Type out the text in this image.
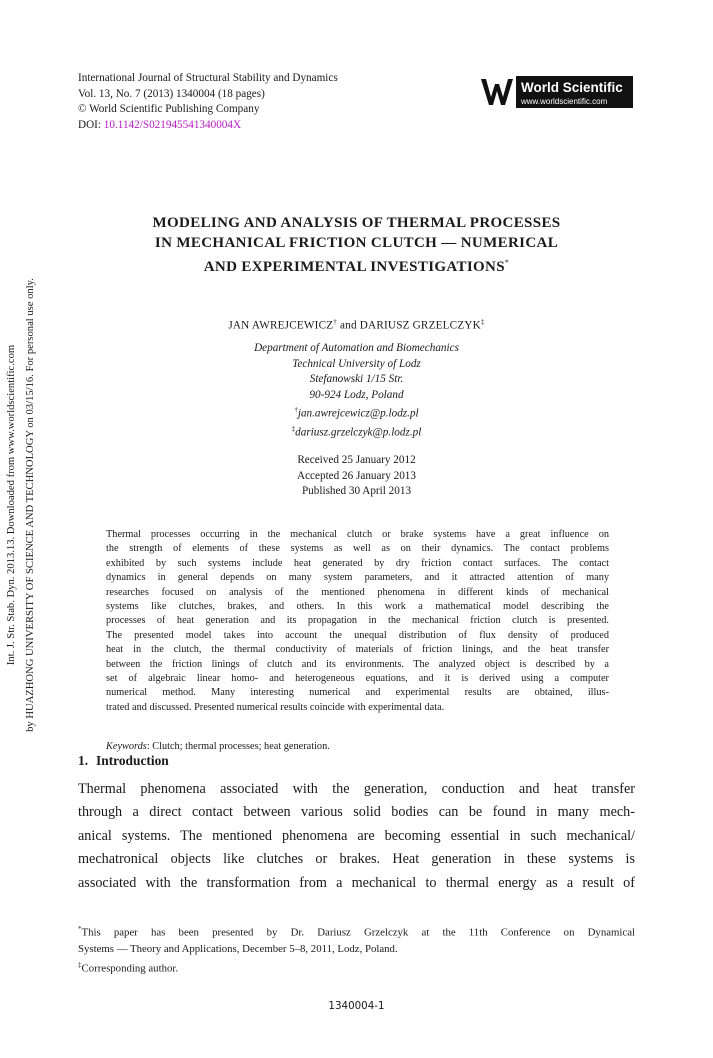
International Journal of Structural Stability and Dynamics
Vol. 13, No. 7 (2013) 1340004 (18 pages)
© World Scientific Publishing Company
DOI: 10.1142/S021945541340004X
World Scientific
www.worldscientific.com
Int. J. Str. Stab. Dyn. 2013.13. Downloaded from www.worldscientific.com by HUAZHONG UNIVERSITY OF SCIENCE AND TECHNOLOGY on 03/15/16. For personal use only.
MODELING AND ANALYSIS OF THERMAL PROCESSES
IN MECHANICAL FRICTION CLUTCH — NUMERICAL
AND EXPERIMENTAL INVESTIGATIONS*
JAN AWREJCEWICZ† and DARIUSZ GRZELCZYK‡
Department of Automation and Biomechanics
Technical University of Lodz
Stefanowski 1/15 Str.
90-924 Lodz, Poland
†jan.awrejcewicz@p.lodz.pl
‡dariusz.grzelczyk@p.lodz.pl
Received 25 January 2012
Accepted 26 January 2013
Published 30 April 2013
Thermal processes occurring in the mechanical clutch or brake systems have a great influence on
the strength of elements of these systems as well as on their dynamics. The contact problems
exhibited by such systems include heat generated by dry friction contact surfaces. The contact
dynamics in general depends on many system parameters, and it attracted attention of many
researches focused on analysis of the mentioned phenomena in different kinds of mechanical
systems like clutches, brakes, and others. In this work a mathematical model describing the
processes of heat generation and its propagation in the mechanical friction clutch is presented.
The presented model takes into account the unequal distribution of flux density of produced
heat in the clutch, the thermal conductivity of materials of friction linings, and the heat transfer
between the friction linings of clutch and its environments. The analyzed object is described by a
set of algebraic linear homo- and heterogeneous equations, and it is derived using a computer
numerical method. Many interesting numerical and experimental results are obtained, illus-
trated and discussed. Presented numerical results coincide with experimental data.
Keywords: Clutch; thermal processes; heat generation.
1. Introduction
Thermal phenomena associated with the generation, conduction and heat transfer
through a direct contact between various solid bodies can be found in many mech-
anical systems. The mentioned phenomena are becoming essential in such mechanical/
mechatronical objects like clutches or brakes. Heat generation in these systems is
associated with the transformation from a mechanical to thermal energy as a result of
*This paper has been presented by Dr. Dariusz Grzelczyk at the 11th Conference on Dynamical
Systems — Theory and Applications, December 5–8, 2011, Lodz, Poland.
‡Corresponding author.
1340004-1
